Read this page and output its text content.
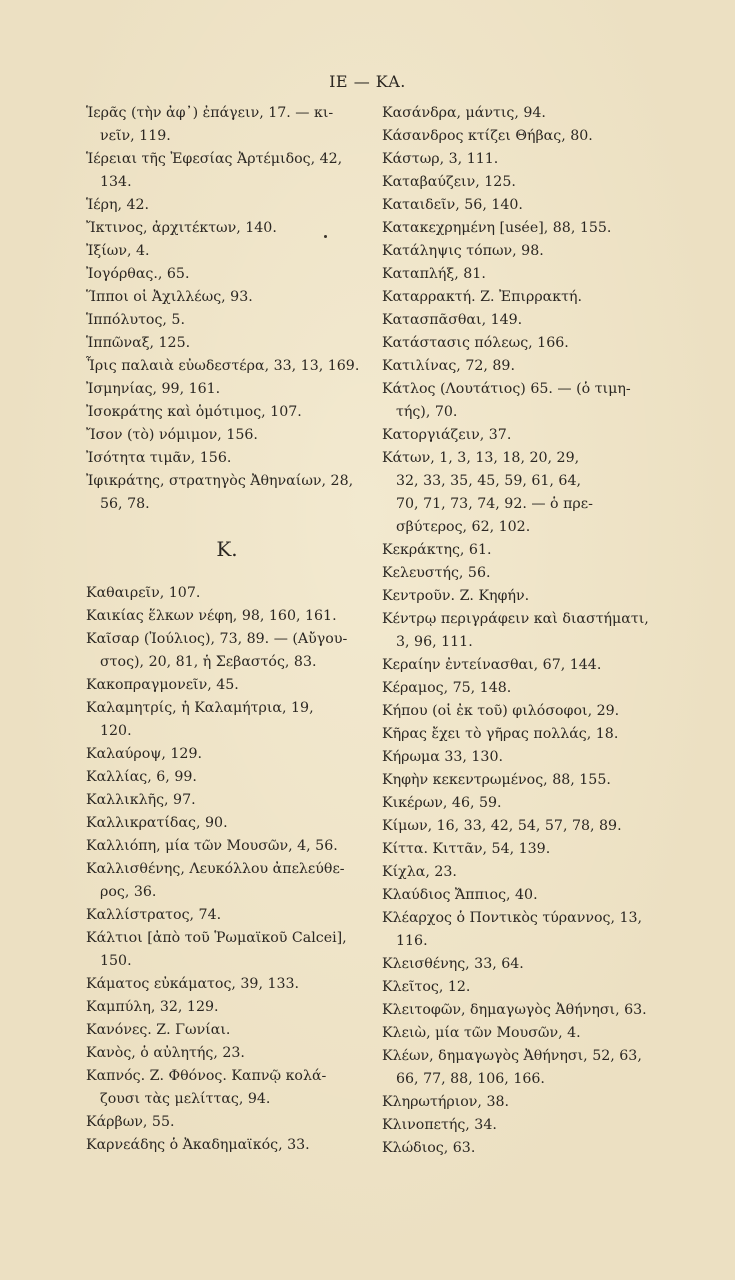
ΙΕ — ΚΑ.
Ἱερᾶς (τὴν ἀφ᾽) ἐπάγειν, 17. — κι-
νεῖν, 119.
Ἱέρειαι τῆς Ἐφεσίας Ἀρτέμιδος, 42,
134.
Ἱέρη, 42.
Ἴκτινος, ἀρχιτέκτων, 140.
Ἰξίων, 4.
Ἰογόρθας., 65.
Ἵπποι οἱ Ἀχιλλέως, 93.
Ἱππόλυτος, 5.
Ἱππῶναξ, 125.
Ἶρις παλαιὰ εὐωδεστέρα, 33, 13, 169.
Ἰσμηνίας, 99, 161.
Ἰσοκράτης καὶ ὁμότιμος, 107.
Ἴσον (τὸ) νόμιμον, 156.
Ἰσότητα τιμᾶν, 156.
Ἰφικράτης, στρατηγὸς Ἀθηναίων, 28,
56, 78.
Κ.
Καθαιρεῖν, 107.
Καικίας ἕλκων νέφη, 98, 160, 161.
Καῖσαρ (Ἰούλιος), 73, 89. — (Αὔγου-
στος), 20, 81, ἡ Σεβαστός, 83.
Κακοπραγμονεῖν, 45.
Καλαμητρίς, ἡ Καλαμήτρια, 19,
120.
Καλαύροψ, 129.
Καλλίας, 6, 99.
Καλλικλῆς, 97.
Καλλικρατίδας, 90.
Καλλιόπη, μία τῶν Μουσῶν, 4, 56.
Καλλισθένης, Λευκόλλου ἀπελεύθε-
ρος, 36.
Καλλίστρατος, 74.
Κάλτιοι [ἀπὸ τοῦ Ῥωμαϊκοῦ Calcei],
150.
Κάματος εὐκάματος, 39, 133.
Καμπύλη, 32, 129.
Κανόνες. Ζ. Γωνίαι.
Κανὸς, ὁ αὐλητής, 23.
Καπνός. Ζ. Φθόνος. Καπνῷ κολά-
ζουσι τὰς μελίττας, 94.
Κάρβων, 55.
Καρνεάδης ὁ Ἀκαδημαϊκός, 33.
Κασάνδρα, μάντις, 94.
Κάσανδρος κτίζει Θήβας, 80.
Κάστωρ, 3, 111.
Καταβαύζειν, 125.
Καταιδεῖν, 56, 140.
Κατακεχρημένη [usée], 88, 155.
Κατάληψις τόπων, 98.
Καταπλήξ, 81.
Καταρρακτή. Ζ. Ἐπιρρακτή.
Κατασπᾶσθαι, 149.
Κατάστασις πόλεως, 166.
Κατιλίνας, 72, 89.
Κάτλος (Λουτάτιος) 65. — (ὁ τιμη-
τής), 70.
Κατοργιάζειν, 37.
Κάτων, 1, 3, 13, 18, 20, 29,
32, 33, 35, 45, 59, 61, 64,
70, 71, 73, 74, 92. — ὁ πρε-
σβύτερος, 62, 102.
Κεκράκτης, 61.
Κελευστής, 56.
Κεντροῦν. Ζ. Κηφήν.
Κέντρῳ περιγράφειν καὶ διαστήματι,
3, 96, 111.
Κεραίην ἐντείνασθαι, 67, 144.
Κέραμος, 75, 148.
Κήπου (οἱ ἐκ τοῦ) φιλόσοφοι, 29.
Κῆρας ἔχει τὸ γῆρας πολλάς, 18.
Κήρωμα 33, 130.
Κηφὴν κεκεντρωμένος, 88, 155.
Κικέρων, 46, 59.
Κίμων, 16, 33, 42, 54, 57, 78, 89.
Κίττα. Κιττᾶν, 54, 139.
Κίχλα, 23.
Κλαύδιος Ἄππιος, 40.
Κλέαρχος ὁ Ποντικὸς τύραννος, 13,
116.
Κλεισθένης, 33, 64.
Κλεῖτος, 12.
Κλειτοφῶν, δημαγωγὸς Ἀθήνησι, 63.
Κλειὼ, μία τῶν Μουσῶν, 4.
Κλέων, δημαγωγὸς Ἀθήνησι, 52, 63,
66, 77, 88, 106, 166.
Κληρωτήριον, 38.
Κλινοπετής, 34.
Κλώδιος, 63.
